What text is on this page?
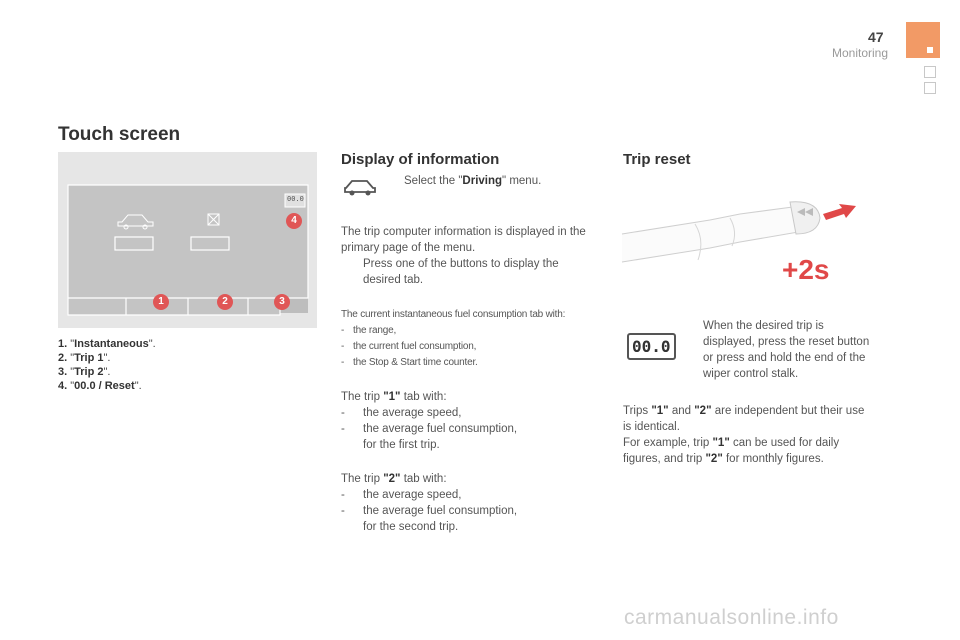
47
Monitoring
Touch screen
00.0
4
1	2	3
1. "Instantaneous".
2. "Trip 1".
3. "Trip 2".
4. "00.0 / Reset".
Display of information
Select the "Driving" menu.
The trip computer information is displayed in the primary page of the menu.
Press one of the buttons to display the
desired tab.
The current instantaneous fuel consumption tab with:
- the range,
- the current fuel consumption,
- the Stop & Start time counter.
The trip "1" tab with:
- the average speed,
- the average fuel consumption,
for the first trip.
The trip "2" tab with:
- the average speed,
- the average fuel consumption,
for the second trip.
Trip reset
+2s
00.0
When the desired trip is
displayed, press the reset button
or press and hold the end of the
wiper control stalk.
Trips "1" and "2" are independent but their use
is identical.
For example, trip "1" can be used for daily
figures, and trip "2" for monthly figures.
carmanualsonline.info
